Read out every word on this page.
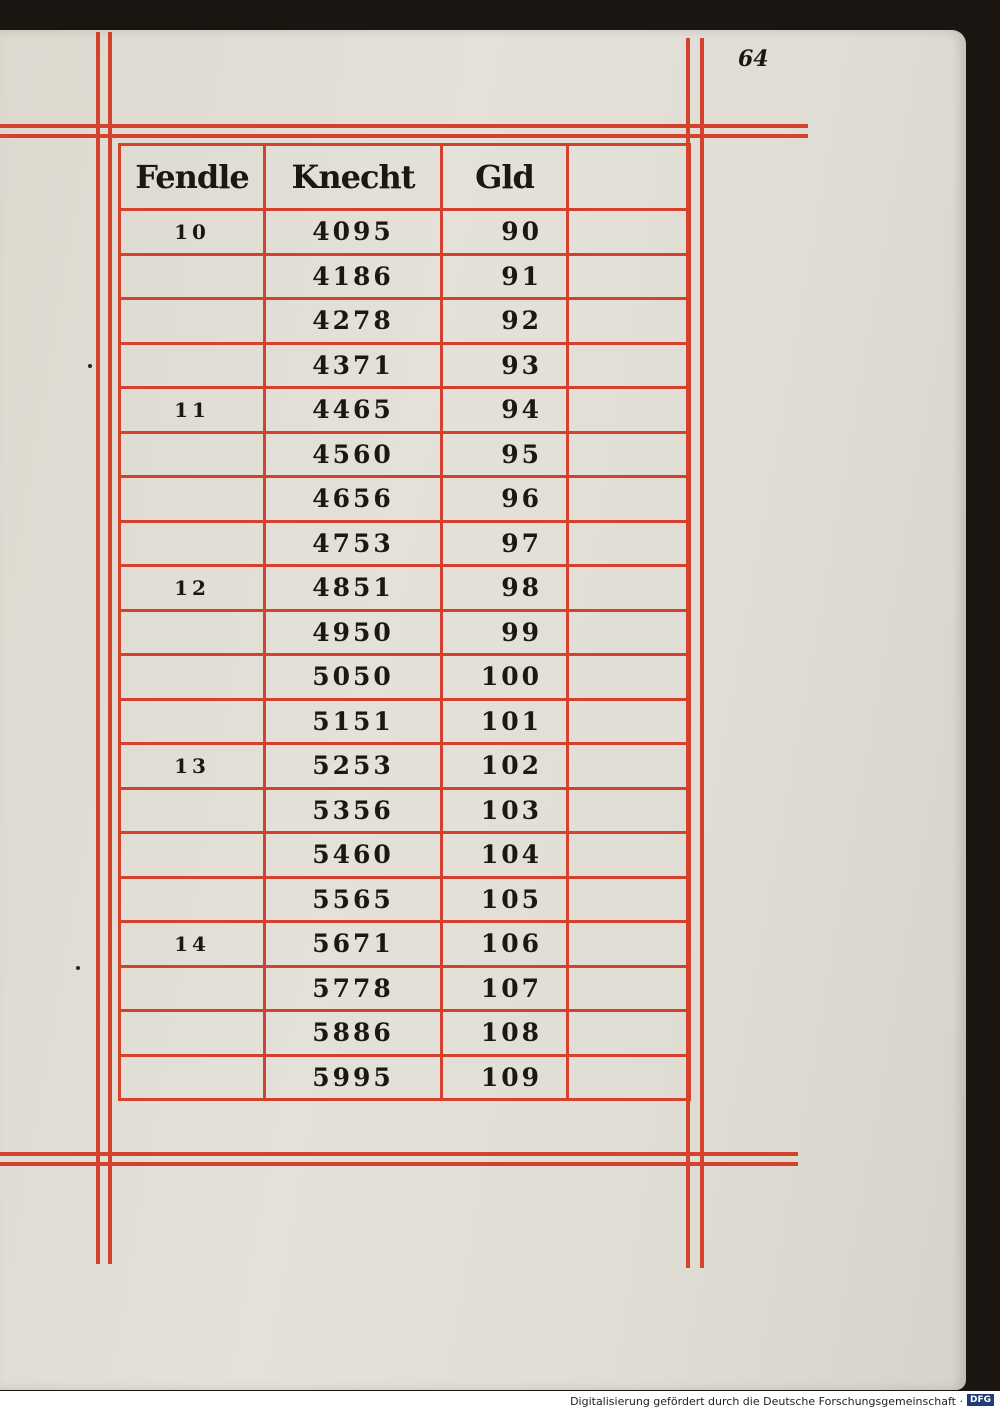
64
Fendle	Knecht	Gld	
10	4095	90	
	4186	91	
	4278	92	
	4371	93	
11	4465	94	
	4560	95	
	4656	96	
	4753	97	
12	4851	98	
	4950	99	
	5050	100	
	5151	101	
13	5253	102	
	5356	103	
	5460	104	
	5565	105	
14	5671	106	
	5778	107	
	5886	108	
	5995	109	
Digitalisierung gefördert durch die Deutsche Forschungsgemeinschaft · DFG
